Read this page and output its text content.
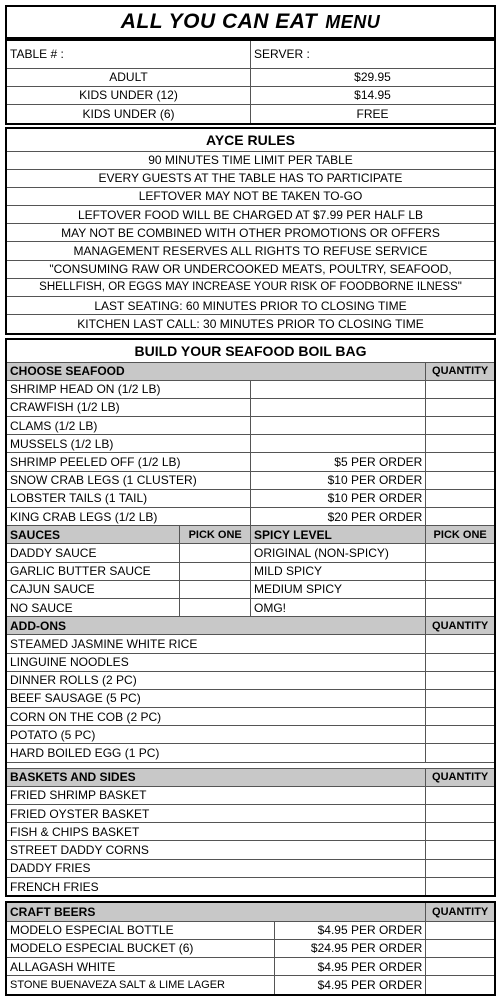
ALL YOU CAN EAT MENU
TABLE # :	SERVER :
ADULT	$29.95
KIDS UNDER (12)	$14.95
KIDS UNDER (6)	FREE
AYCE RULES
90 MINUTES TIME LIMIT PER TABLE
EVERY GUESTS AT THE TABLE HAS TO PARTICIPATE
LEFTOVER MAY NOT BE TAKEN TO-GO
LEFTOVER FOOD WILL BE CHARGED AT $7.99 PER HALF LB
MAY NOT BE COMBINED WITH OTHER PROMOTIONS OR OFFERS
MANAGEMENT RESERVES ALL RIGHTS TO REFUSE SERVICE
"CONSUMING RAW OR UNDERCOOKED MEATS, POULTRY, SEAFOOD,
SHELLFISH, OR EGGS MAY INCREASE YOUR RISK OF FOODBORNE ILNESS"
LAST SEATING: 60 MINUTES PRIOR TO CLOSING TIME
KITCHEN LAST CALL: 30 MINUTES PRIOR TO CLOSING TIME
BUILD YOUR SEAFOOD BOIL BAG			
CHOOSE SEAFOOD			QUANTITY
SHRIMP HEAD ON (1/2 LB)			
CRAWFISH (1/2 LB)			
CLAMS (1/2 LB)			
MUSSELS (1/2 LB)			
SHRIMP PEELED OFF (1/2 LB)		$5 PER ORDER	
SNOW CRAB LEGS (1 CLUSTER)		$10 PER ORDER	
LOBSTER TAILS (1 TAIL)		$10 PER ORDER	
KING CRAB LEGS (1/2 LB)		$20 PER ORDER	
SAUCES	PICK ONE	SPICY LEVEL	PICK ONE
DADDY SAUCE		ORIGINAL (NON-SPICY)	
GARLIC BUTTER SAUCE		MILD SPICY	
CAJUN SAUCE		MEDIUM SPICY	
NO SAUCE		OMG!	
ADD-ONS			QUANTITY
STEAMED JASMINE WHITE RICE			
LINGUINE NOODLES			
DINNER ROLLS (2 PC)			
BEEF SAUSAGE (5 PC)			
CORN ON THE COB (2 PC)			
POTATO (5 PC)			
HARD BOILED EGG (1 PC)			

BASKETS AND SIDES			QUANTITY
FRIED SHRIMP BASKET			
FRIED OYSTER BASKET			
FISH & CHIPS BASKET			
STREET DADDY CORNS			
DADDY FRIES			
FRENCH FRIES			
CRAFT BEERS		QUANTITY
MODELO ESPECIAL BOTTLE	$4.95 PER ORDER	
MODELO ESPECIAL BUCKET (6)	$24.95 PER ORDER	
ALLAGASH WHITE	$4.95 PER ORDER	
STONE BUENAVEZA SALT & LIME LAGER	$4.95 PER ORDER	
